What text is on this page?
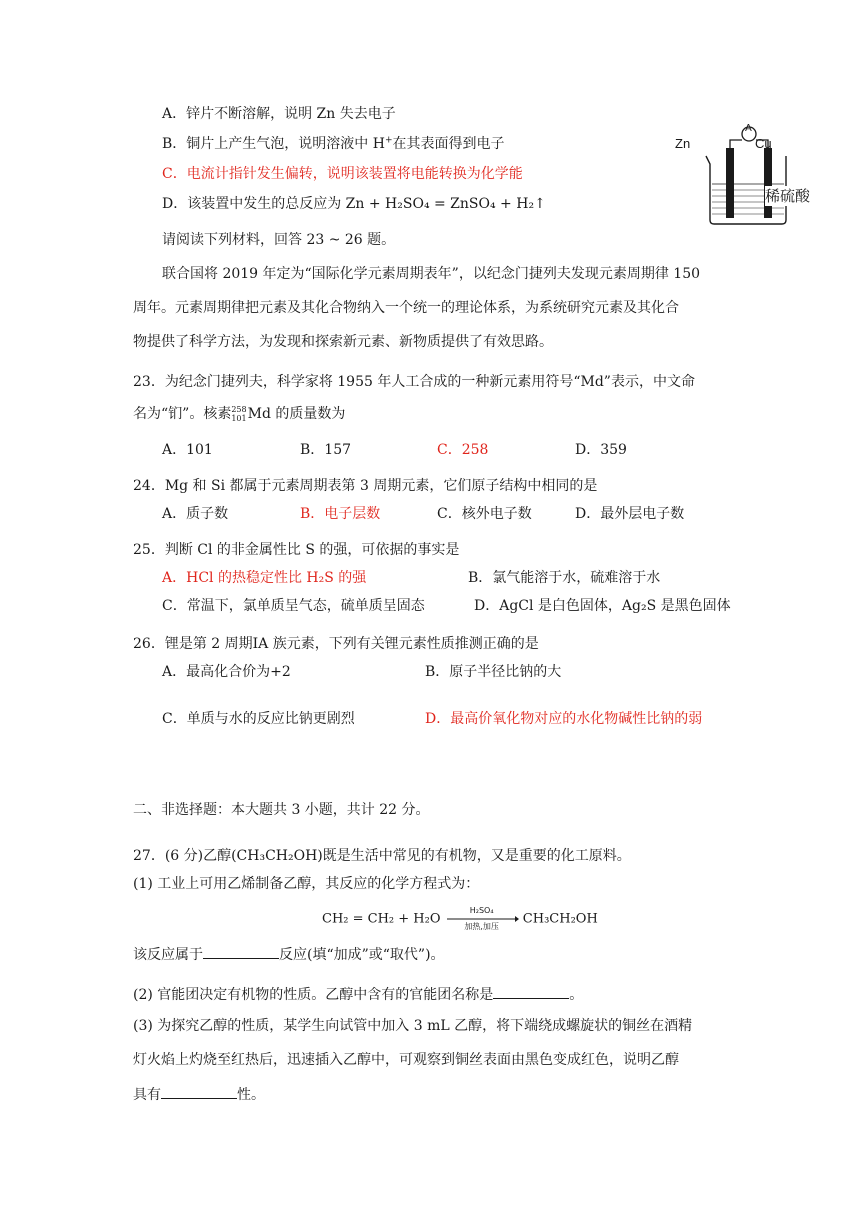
A．锌片不断溶解，说明 Zn 失去电子
B．铜片上产生气泡，说明溶液中 H+在其表面得到电子
C．电流计指针发生偏转，说明该装置将电能转换为化学能
D．该装置中发生的总反应为 Zn + H₂SO₄ = ZnSO₄ + H₂↑
A
Zn	Cu
稀硫酸
请阅读下列材料，回答 23 ~ 26 题。
联合国将 2019 年定为“国际化学元素周期表年”，以纪念门捷列夫发现元素周期律 150
周年。元素周期律把元素及其化合物纳入一个统一的理论体系，为系统研究元素及其化合
物提供了科学方法，为发现和探索新元素、新物质提供了有效思路。
23．为纪念门捷列夫，科学家将 1955 年人工合成的一种新元素用符号“Md”表示，中文命
名为“钔”。核素 258
101 Md 的质量数为
A．101	B．157	C．258	D．359
24．Mg 和 Si 都属于元素周期表第 3 周期元素，它们原子结构中相同的是
A．质子数	B．电子层数	C．核外电子数	D．最外层电子数
25．判断 Cl 的非金属性比 S 的强，可依据的事实是
A．HCl 的热稳定性比 H₂S 的强	B．氯气能溶于水，硫难溶于水
C．常温下，氯单质呈气态，硫单质呈固态	D．AgCl 是白色固体，Ag₂S 是黑色固体
26．锂是第 2 周期ⅠA 族元素，下列有关锂元素性质推测正确的是
A．最高化合价为+2	B．原子半径比钠的大
C．单质与水的反应比钠更剧烈	D．最高价氧化物对应的水化物碱性比钠的弱
二、非选择题：本大题共 3 小题，共计 22 分。
27．(6 分)乙醇(CH₃CH₂OH)既是生活中常见的有机物，又是重要的化工原料。
(1) 工业上可用乙烯制备乙醇，其反应的化学方程式为：
CH₂ = CH₂ + H₂O
H₂SO₄
加热,加压	CH₃CH₂OH
该反应属于	反应(填“加成”或“取代”)。
(2) 官能团决定有机物的性质。乙醇中含有的官能团名称是	。
(3) 为探究乙醇的性质，某学生向试管中加入 3 mL 乙醇，将下端绕成螺旋状的铜丝在酒精
灯火焰上灼烧至红热后，迅速插入乙醇中，可观察到铜丝表面由黑色变成红色，说明乙醇
具有	性。
